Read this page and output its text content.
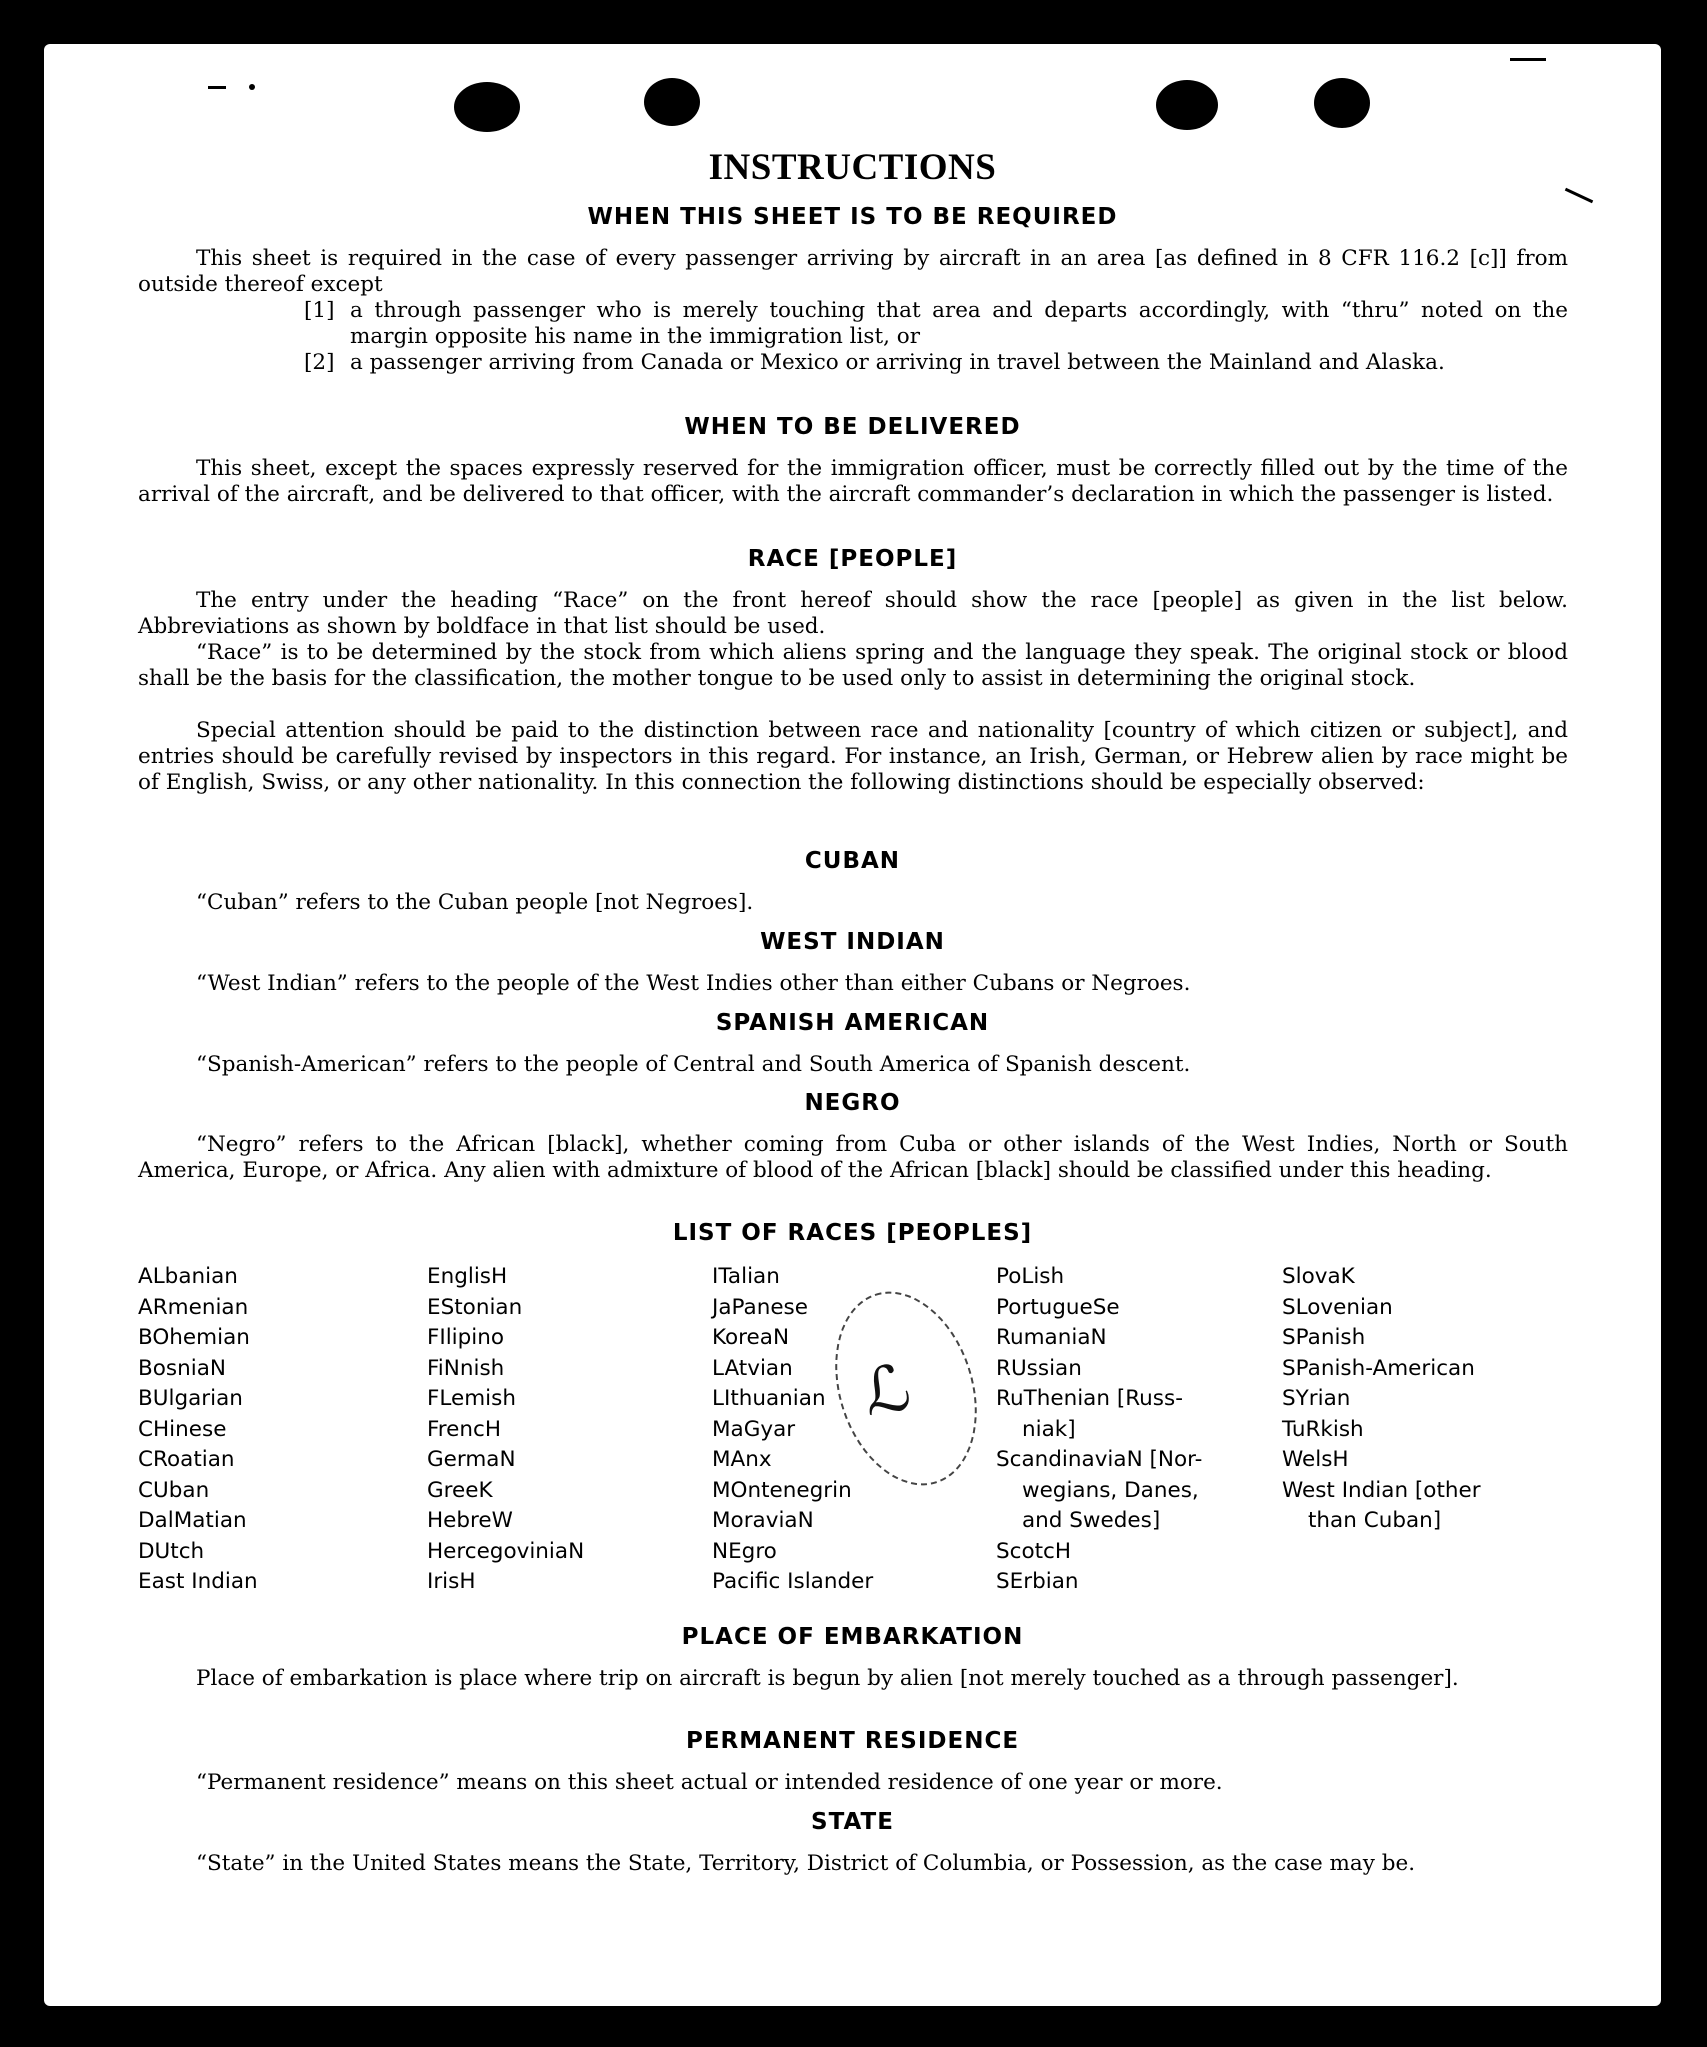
INSTRUCTIONS
WHEN THIS SHEET IS TO BE REQUIRED
This sheet is required in the case of every passenger arriving by aircraft in an area [as defined in 8 CFR 116.2 [c]] from outside thereof except
[1] a through passenger who is merely touching that area and departs accordingly, with “thru” noted on the margin opposite his name in the immigration list, or
[2] a passenger arriving from Canada or Mexico or arriving in travel between the Mainland and Alaska.
WHEN TO BE DELIVERED
This sheet, except the spaces expressly reserved for the immigration officer, must be correctly filled out by the time of the arrival of the aircraft, and be delivered to that officer, with the aircraft commander’s declaration in which the passenger is listed.
RACE [PEOPLE]
The entry under the heading “Race” on the front hereof should show the race [people] as given in the list below. Abbreviations as shown by boldface in that list should be used.
“Race” is to be determined by the stock from which aliens spring and the language they speak. The original stock or blood shall be the basis for the classification, the mother tongue to be used only to assist in determining the original stock.
Special attention should be paid to the distinction between race and nationality [country of which citizen or subject], and entries should be carefully revised by inspectors in this regard. For instance, an Irish, German, or Hebrew alien by race might be of English, Swiss, or any other nationality. In this connection the following distinctions should be especially observed:
CUBAN
“Cuban” refers to the Cuban people [not Negroes].
WEST INDIAN
“West Indian” refers to the people of the West Indies other than either Cubans or Negroes.
SPANISH AMERICAN
“Spanish-American” refers to the people of Central and South America of Spanish descent.
NEGRO
“Negro” refers to the African [black], whether coming from Cuba or other islands of the West Indies, North or South America, Europe, or Africa. Any alien with admixture of blood of the African [black] should be classified under this heading.
LIST OF RACES [PEOPLES]
ALbanian
ARmenian
BOhemian
BosniaN
BUlgarian
CHinese
CRoatian
CUban
DalMatian
DUtch
East Indian
EnglisH
EStonian
FIlipino
FiNnish
FLemish
FrencH
GermaN
GreeK
HebreW
HercegoviniaN
IrisH
ITalian
JaPanese
KoreaN
LAtvian
LIthuanian
MaGyar
MAnx
MOntenegrin
MoraviaN
NEgro
Pacific Islander
PoLish
PortugueSe
RumaniaN
RUssian
RuThenian [Russ-
niak]
ScandinaviaN [Nor-
wegians, Danes,
and Swedes]
ScotcH
SErbian
SlovaK
SLovenian
SPanish
SPanish-American
SYrian
TuRkish
WelsH
West Indian [other
than Cuban]
ℒ
PLACE OF EMBARKATION
Place of embarkation is place where trip on aircraft is begun by alien [not merely touched as a through passenger].
PERMANENT RESIDENCE
“Permanent residence” means on this sheet actual or intended residence of one year or more.
STATE
“State” in the United States means the State, Territory, District of Columbia, or Possession, as the case may be.
